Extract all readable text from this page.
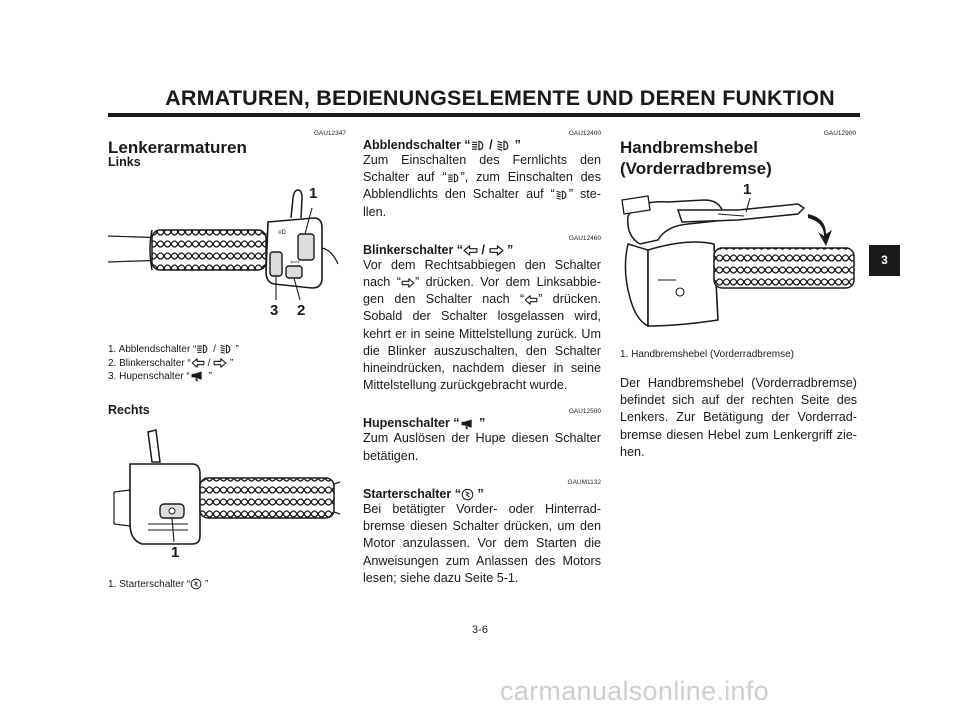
ARMATUREN, BEDIENUNGSELEMENTE UND DEREN FUNKTION
GAU12347
Lenkerarmaturen
Links
≡D
⇦⇨
1
3 2
1. Abblendschalter “ / ”
2. Blinkerschalter “ / ”
3. Hupenschalter “ ”
Rechts
1
1. Starterschalter “ ”
GAU12400
Abblendschalter “ / ”
Zum Einschalten des Fernlichts den
Schalter auf “ ”, zum Einschalten des
Abblendlichts den Schalter auf “ ” ste-
llen.
GAU12460
Blinkerschalter “ / ”
Vor dem Rechtsabbiegen den Schalter
nach “ ” drücken. Vor dem Linksabbie-
gen den Schalter nach “ ” drücken.
Sobald der Schalter losgelassen wird,
kehrt er in seine Mittelstellung zurück. Um
die Blinker auszuschalten, den Schalter
hineindrücken, nachdem dieser in seine
Mittelstellung zurückgebracht wurde.
GAU12500
Hupenschalter “ ”
Zum Auslösen der Hupe diesen Schalter
betätigen.
GAUM1132
Starterschalter “ ”
Bei betätigter Vorder- oder Hinterrad-
bremse diesen Schalter drücken, um den
Motor anzulassen. Vor dem Starten die
Anweisungen zum Anlassen des Motors
lesen; siehe dazu Seite 5-1.
GAU12900
Handbremshebel
(Vorderradbremse)
1
1. Handbremshebel (Vorderradbremse)
Der Handbremshebel (Vorderradbremse)
befindet sich auf der rechten Seite des
Lenkers. Zur Betätigung der Vorderrad-
bremse diesen Hebel zum Lenkergriff zie-
hen.
3
3-6
carmanualsonline.info
